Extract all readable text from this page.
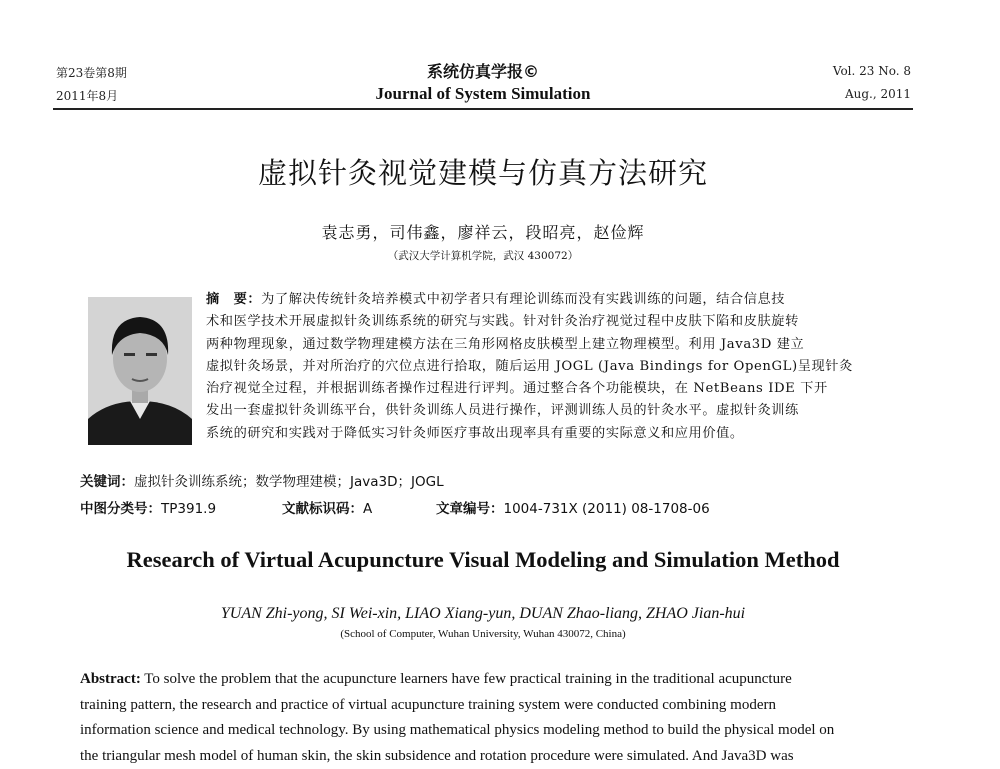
第23卷第8期
2011年8月
系统仿真学报©
Journal of System Simulation
Vol. 23 No. 8
Aug., 2011
虚拟针灸视觉建模与仿真方法研究
袁志勇，司伟鑫，廖祥云，段昭亮，赵俭辉
（武汉大学计算机学院，武汉 430072）
摘　要：为了解决传统针灸培养模式中初学者只有理论训练而没有实践训练的问题，结合信息技
术和医学技术开展虚拟针灸训练系统的研究与实践。针对针灸治疗视觉过程中皮肤下陷和皮肤旋转
两种物理现象，通过数学物理建模方法在三角形网格皮肤模型上建立物理模型。利用 Java3D 建立
虚拟针灸场景，并对所治疗的穴位点进行拾取，随后运用 JOGL (Java Bindings for OpenGL)呈现针灸
治疗视觉全过程，并根据训练者操作过程进行评判。通过整合各个功能模块，在 NetBeans IDE 下开
发出一套虚拟针灸训练平台，供针灸训练人员进行操作，评测训练人员的针灸水平。虚拟针灸训练
系统的研究和实践对于降低实习针灸师医疗事故出现率具有重要的实际意义和应用价值。
关键词：虚拟针灸训练系统；数学物理建模；Java3D；JOGL
中图分类号：TP391.9	文献标识码：A	文章编号：1004-731X (2011) 08-1708-06
Research of Virtual Acupuncture Visual Modeling and Simulation Method
YUAN Zhi-yong, SI Wei-xin, LIAO Xiang-yun, DUAN Zhao-liang, ZHAO Jian-hui
(School of Computer, Wuhan University, Wuhan 430072, China)
Abstract: To solve the problem that the acupuncture learners have few practical training in the traditional acupuncture
training pattern, the research and practice of virtual acupuncture training system were conducted combining modern
information science and medical technology. By using mathematical physics modeling method to build the physical model on
the triangular mesh model of human skin, the skin subsidence and rotation procedure were simulated. And Java3D was
